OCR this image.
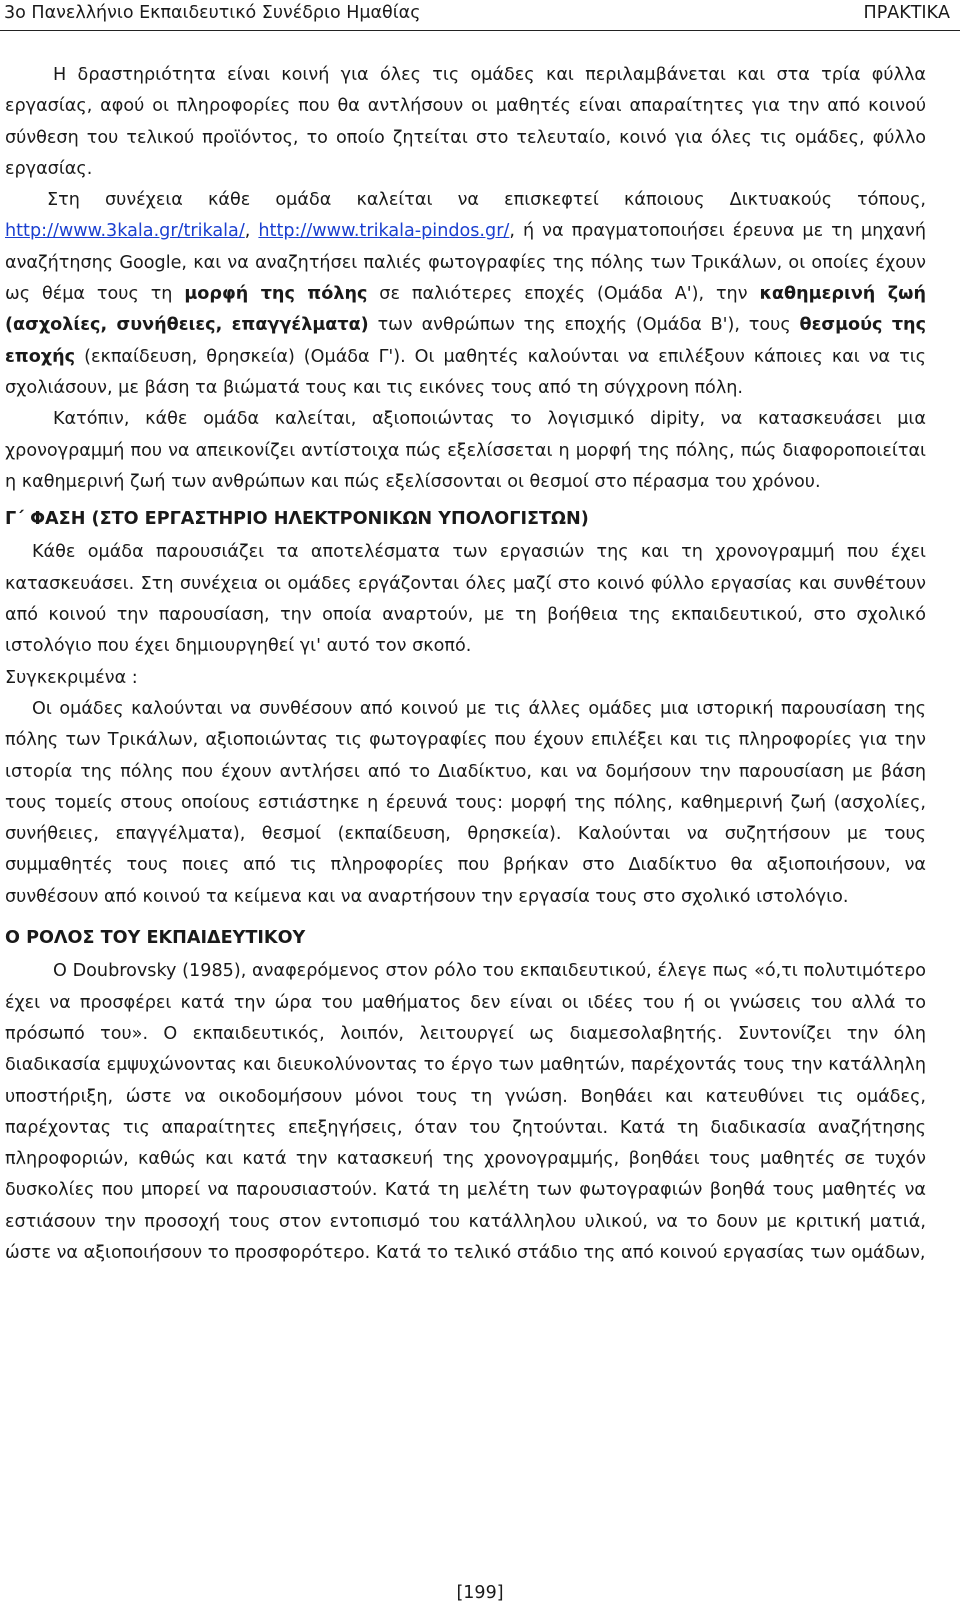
3ο Πανελλήνιο Εκπαιδευτικό Συνέδριο Ημαθίας	ΠΡΑΚΤΙΚΑ

Η δραστηριότητα είναι κοινή για όλες τις ομάδες και περιλαμβάνεται και στα τρία φύλλα εργασίας, αφού οι πληροφορίες που θα αντλήσουν οι μαθητές είναι απαραίτητες για την από κοινού σύνθεση του τελικού προϊόντος, το οποίο ζητείται στο τελευταίο, κοινό για όλες τις ομάδες, φύλλο εργασίας.

Στη συνέχεια κάθε ομάδα καλείται να επισκεφτεί κάποιους Δικτυακούς τόπους, http://www.3kala.gr/trikala/, http://www.trikala-pindos.gr/, ή να πραγματοποιήσει έρευνα με τη μηχανή αναζήτησης Google, και να αναζητήσει παλιές φωτογραφίες της πόλης των Τρικάλων, οι οποίες έχουν ως θέμα τους τη μορφή της πόλης σε παλιότερες εποχές (Ομάδα Α'), την καθημερινή ζωή (ασχολίες, συνήθειες, επαγγέλματα) των ανθρώπων της εποχής (Ομάδα Β'), τους θεσμούς της εποχής (εκπαίδευση, θρησκεία) (Ομάδα Γ'). Οι μαθητές καλούνται να επιλέξουν κάποιες και να τις σχολιάσουν, με βάση τα βιώματά τους και τις εικόνες τους από τη σύγχρονη πόλη.

Κατόπιν, κάθε ομάδα καλείται, αξιοποιώντας το λογισμικό dipity, να κατασκευάσει μια χρονογραμμή που να απεικονίζει αντίστοιχα πώς εξελίσσεται η μορφή της πόλης, πώς διαφοροποιείται η καθημερινή ζωή των ανθρώπων και πώς εξελίσσονται οι θεσμοί στο πέρασμα του χρόνου.

Γ΄ ΦΑΣΗ (ΣΤΟ ΕΡΓΑΣΤΗΡΙΟ ΗΛΕΚΤΡΟΝΙΚΩΝ ΥΠΟΛΟΓΙΣΤΩΝ)

Κάθε ομάδα παρουσιάζει τα αποτελέσματα των εργασιών της και τη χρονογραμμή που έχει κατασκευάσει. Στη συνέχεια οι ομάδες εργάζονται όλες μαζί στο κοινό φύλλο εργασίας και συνθέτουν από κοινού την παρουσίαση, την οποία αναρτούν, με τη βοήθεια της εκπαιδευτικού, στο σχολικό ιστολόγιο που έχει δημιουργηθεί γι' αυτό τον σκοπό.

Συγκεκριμένα :

Οι ομάδες καλούνται να συνθέσουν από κοινού με τις άλλες ομάδες μια ιστορική παρουσίαση της πόλης των Τρικάλων, αξιοποιώντας τις φωτογραφίες που έχουν επιλέξει και τις πληροφορίες για την ιστορία της πόλης που έχουν αντλήσει από το Διαδίκτυο, και να δομήσουν την παρουσίαση με βάση τους τομείς στους οποίους εστιάστηκε η έρευνά τους: μορφή της πόλης, καθημερινή ζωή (ασχολίες, συνήθειες, επαγγέλματα), θεσμοί (εκπαίδευση, θρησκεία). Καλούνται να συζητήσουν με τους συμμαθητές τους ποιες από τις πληροφορίες που βρήκαν στο Διαδίκτυο θα αξιοποιήσουν, να συνθέσουν από κοινού τα κείμενα και να αναρτήσουν την εργασία τους στο σχολικό ιστολόγιο.

Ο ΡΟΛΟΣ ΤΟΥ ΕΚΠΑΙΔΕΥΤΙΚΟΥ

Ο Doubrovsky (1985), αναφερόμενος στον ρόλο του εκπαιδευτικού, έλεγε πως «ό,τι πολυτιμότερο έχει να προσφέρει κατά την ώρα του μαθήματος δεν είναι οι ιδέες του ή οι γνώσεις του αλλά το πρόσωπό του». Ο εκπαιδευτικός, λοιπόν, λειτουργεί ως διαμεσολαβητής. Συντονίζει την όλη διαδικασία εμψυχώνοντας και διευκολύνοντας το έργο των μαθητών, παρέχοντάς τους την κατάλληλη υποστήριξη, ώστε να οικοδομήσουν μόνοι τους τη γνώση. Βοηθάει και κατευθύνει τις ομάδες, παρέχοντας τις απαραίτητες επεξηγήσεις, όταν του ζητούνται. Κατά τη διαδικασία αναζήτησης πληροφοριών, καθώς και κατά την κατασκευή της χρονογραμμής, βοηθάει τους μαθητές σε τυχόν δυσκολίες που μπορεί να παρουσιαστούν. Κατά τη μελέτη των φωτογραφιών βοηθά τους μαθητές να εστιάσουν την προσοχή τους στον εντοπισμό του κατάλληλου υλικού, να το δουν με κριτική ματιά, ώστε να αξιοποιήσουν το προσφορότερο. Κατά το τελικό στάδιο της από κοινού εργασίας των ομάδων,

[199]
